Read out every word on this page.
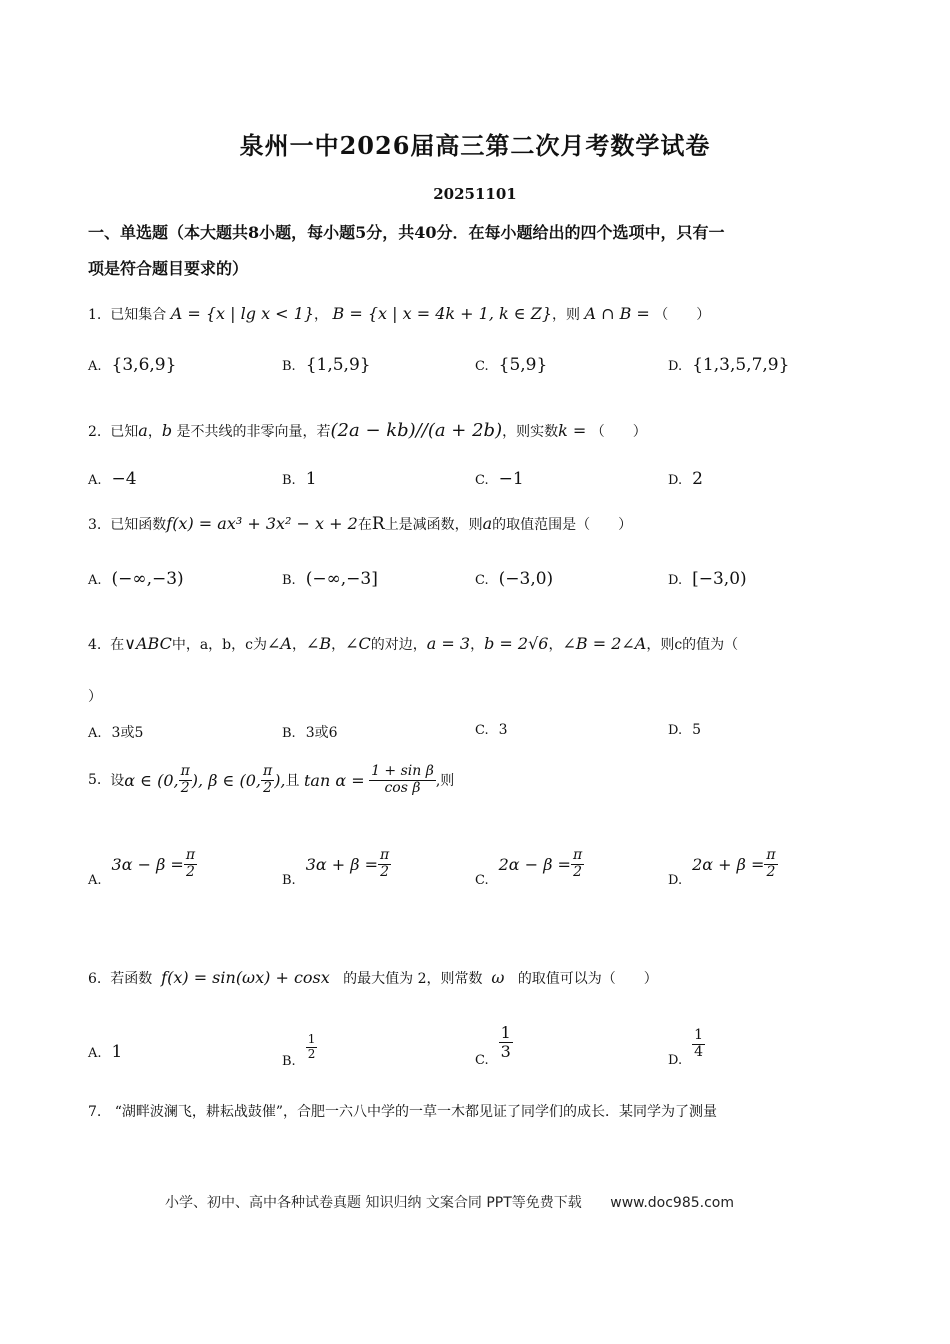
泉州一中2026届高三第二次月考数学试卷
20251101
一、单选题（本大题共8小题，每小题5分，共40分．在每小题给出的四个选项中，只有一
项是符合题目要求的）
1. 已知集合 A = {x | lg x < 1}， B = {x | x = 4k + 1, k ∈ Z}，则 A ∩ B = （　　）
A. {3,6,9}	B. {1,5,9}	C. {5,9}	D. {1,3,5,7,9}
2. 已知a，b 是不共线的非零向量，若(2a − kb)//(a + 2b)，则实数k = （　　）
A. −4	B. 1	C. −1	D. 2
3. 已知函数f(x) = ax³ + 3x² − x + 2在R上是减函数，则a的取值范围是（　　）
A. (−∞,−3)	B. (−∞,−3]	C. (−3,0)	D. [−3,0)
4. 在∨ABC中，a，b，c为∠A，∠B，∠C的对边，a = 3，b = 2√6，∠B = 2∠A，则c的值为（
）
A. 3或5	B. 3或6	C. 3	D. 5
5.
设 α ∈ (0, $\frac{\pi}{2}$ ), β ∈ (0, $\frac{\pi}{2}$ ), 且
tan α =
$\frac{\text{1 + sin β}}{\text{cos β}}$ ,则
A.
$3\alpha - \beta = \frac{\pi}{2}$
B.
$3\alpha + \beta = \frac{\pi}{2}$
C.
$2\alpha - \beta = \frac{\pi}{2}$
D.
$2\alpha + \beta = \frac{\pi}{2}$
6. 若函数 f(x) = sin(ωx) + cosx 的最大值为 2，则常数 ω 的取值可以为（　　）
A. 1	B.
$\frac{1}{2}$	C.
$\frac{1}{3}$
D.
$\frac{1}{4}$
7. “湖畔波澜飞，耕耘战鼓催”，合肥一六八中学的一草一木都见证了同学们的成长．某同学为了测量
小学、初中、高中各种试卷真题 知识归纳 文案合同 PPT等免费下载 www.doc985.com
